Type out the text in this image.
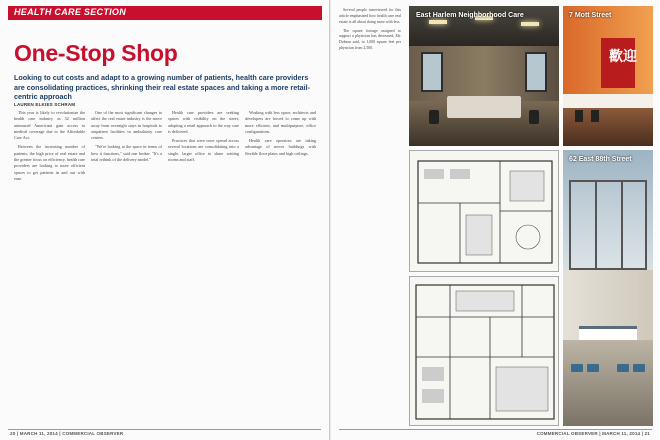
HEALTH CARE SECTION
One-Stop Shop
Looking to cut costs and adapt to a growing number of patients, health care providers are consolidating practices, shrinking their real estate spaces and taking a more retail-centric approach
LAUREN ELKIES SCHRAM

This year is likely to revolutionize the health care industry as 32 million uninsured Americans gain access to medical coverage due to the Affordable Care Act.

Between the increasing number of patients, the high price of real estate and the greater focus on efficiency, health care providers are looking to more efficient spaces to get patients in and out with ease.

One of the most significant changes to affect the real estate industry is the move away from overnight stays in hospitals to outpatient facilities in ambulatory care centers.

"We're looking at the space in terms of how it functions," said one broker. "It's a total rethink of the delivery model."

Health care providers are seeking spaces with visibility on the street, adopting a retail approach to the way care is delivered.

Practices that were once spread across several locations are consolidating into a single, larger office to share waiting rooms and staff.

Working with less space, architects and developers are forced to come up with more efficient, and multipurpose, office configurations.

Health care operators are taking advantage of newer buildings with flexible floor plates and high ceilings.

20 | MARCH 11, 2014 | COMMERCIAL OBSERVER

Several people interviewed for this article emphasized how health care real estate is all about doing more with less.

The square footage assigned to support a physician has decreased, Mr. Dobson said, to 1,000 square feet per physician from 2,500.

East Harlem Neighborhood Care
歡迎
7 Mott Street
62 East 88th Street
COMMERCIAL OBSERVER | MARCH 11, 2014 | 21
